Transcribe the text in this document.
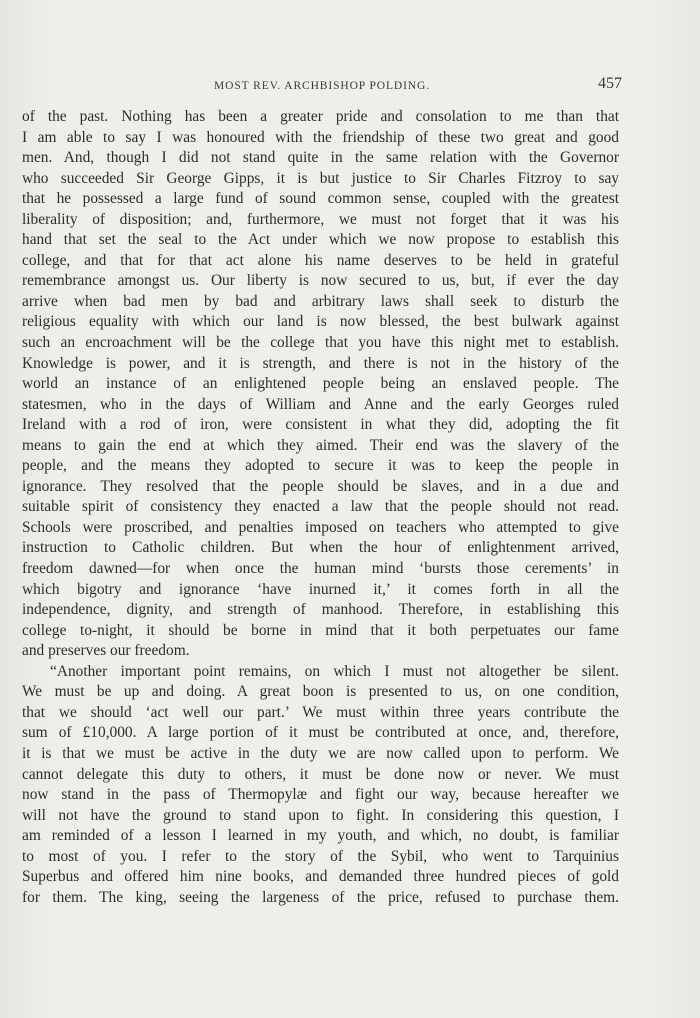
MOST REV. ARCHBISHOP POLDING.	457
of the past. Nothing has been a greater pride and consolation to me than that
I am able to say I was honoured with the friendship of these two great and good
men. And, though I did not stand quite in the same relation with the Governor
who succeeded Sir George Gipps, it is but justice to Sir Charles Fitzroy to say
that he possessed a large fund of sound common sense, coupled with the greatest
liberality of disposition; and, furthermore, we must not forget that it was his
hand that set the seal to the Act under which we now propose to establish this
college, and that for that act alone his name deserves to be held in grateful
remembrance amongst us. Our liberty is now secured to us, but, if ever the day
arrive when bad men by bad and arbitrary laws shall seek to disturb the
religious equality with which our land is now blessed, the best bulwark against
such an encroachment will be the college that you have this night met to establish.
Knowledge is power, and it is strength, and there is not in the history of the
world an instance of an enlightened people being an enslaved people. The
statesmen, who in the days of William and Anne and the early Georges ruled
Ireland with a rod of iron, were consistent in what they did, adopting the fit
means to gain the end at which they aimed. Their end was the slavery of the
people, and the means they adopted to secure it was to keep the people in
ignorance. They resolved that the people should be slaves, and in a due and
suitable spirit of consistency they enacted a law that the people should not read.
Schools were proscribed, and penalties imposed on teachers who attempted to give
instruction to Catholic children. But when the hour of enlightenment arrived,
freedom dawned—for when once the human mind ‘bursts those cerements’ in
which bigotry and ignorance ‘have inurned it,’ it comes forth in all the
independence, dignity, and strength of manhood. Therefore, in establishing this
college to-night, it should be borne in mind that it both perpetuates our fame
and preserves our freedom.
“Another important point remains, on which I must not altogether be silent.
We must be up and doing. A great boon is presented to us, on one condition,
that we should ‘act well our part.’ We must within three years contribute the
sum of £10,000. A large portion of it must be contributed at once, and, therefore,
it is that we must be active in the duty we are now called upon to perform. We
cannot delegate this duty to others, it must be done now or never. We must
now stand in the pass of Thermopylæ and fight our way, because hereafter we
will not have the ground to stand upon to fight. In considering this question, I
am reminded of a lesson I learned in my youth, and which, no doubt, is familiar
to most of you. I refer to the story of the Sybil, who went to Tarquinius
Superbus and offered him nine books, and demanded three hundred pieces of gold
for them. The king, seeing the largeness of the price, refused to purchase them.
